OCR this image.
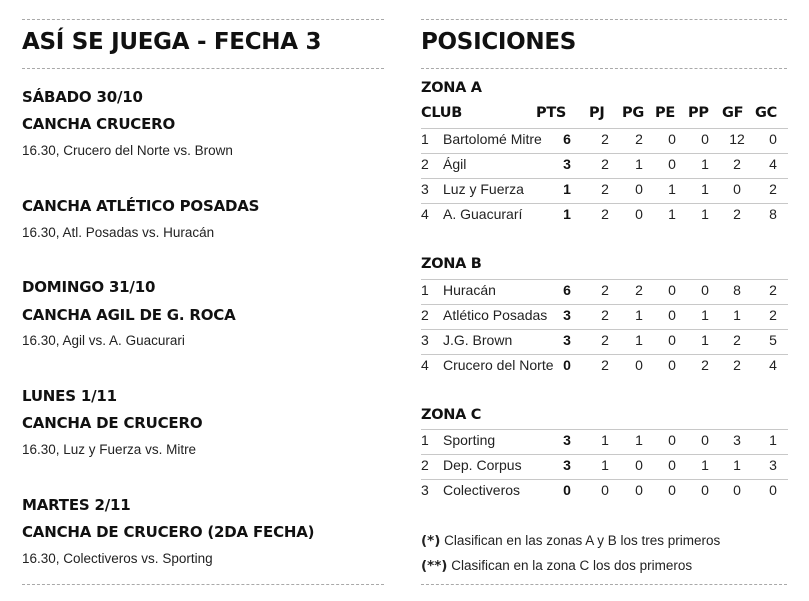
ASÍ SE JUEGA - FECHA 3
SÁBADO 30/10
CANCHA CRUCERO
16.30, Crucero del Norte vs. Brown
CANCHA ATLÉTICO POSADAS
16.30, Atl. Posadas vs. Huracán
DOMINGO 31/10
CANCHA AGIL DE G. ROCA
16.30, Agil vs. A. Guacurari
LUNES 1/11
CANCHA DE CRUCERO
16.30, Luz y Fuerza vs. Mitre
MARTES 2/11
CANCHA DE CRUCERO (2DA FECHA)
16.30, Colectiveros vs. Sporting
POSICIONES
ZONA A
CLUB	PTS PJ PG PE PP GF GC
1 Bartolomé Mitre	6	2	2	0	0	12	0
2 Ágil	3	2	1	0	1	2	4
3 Luz y Fuerza	1	2	0	1	1	0	2
4 A. Guacurarí	1	2	0	1	1	2	8
ZONA B
1 Huracán	6	2	2	0	0	8	2
2 Atlético Posadas	3	2	1	0	1	1	2
3 J.G. Brown	3	2	1	0	1	2	5
4 Crucero del Norte 0	2	0	0	2	2	4
ZONA C
1 Sporting	3	1	1	0	0	3	1
2 Dep. Corpus	3	1	0	0	1	1	3
3 Colectiveros	0	0	0	0	0	0	0
(*) Clasifican en las zonas A y B los tres primeros
(**) Clasifican en la zona C los dos primeros
